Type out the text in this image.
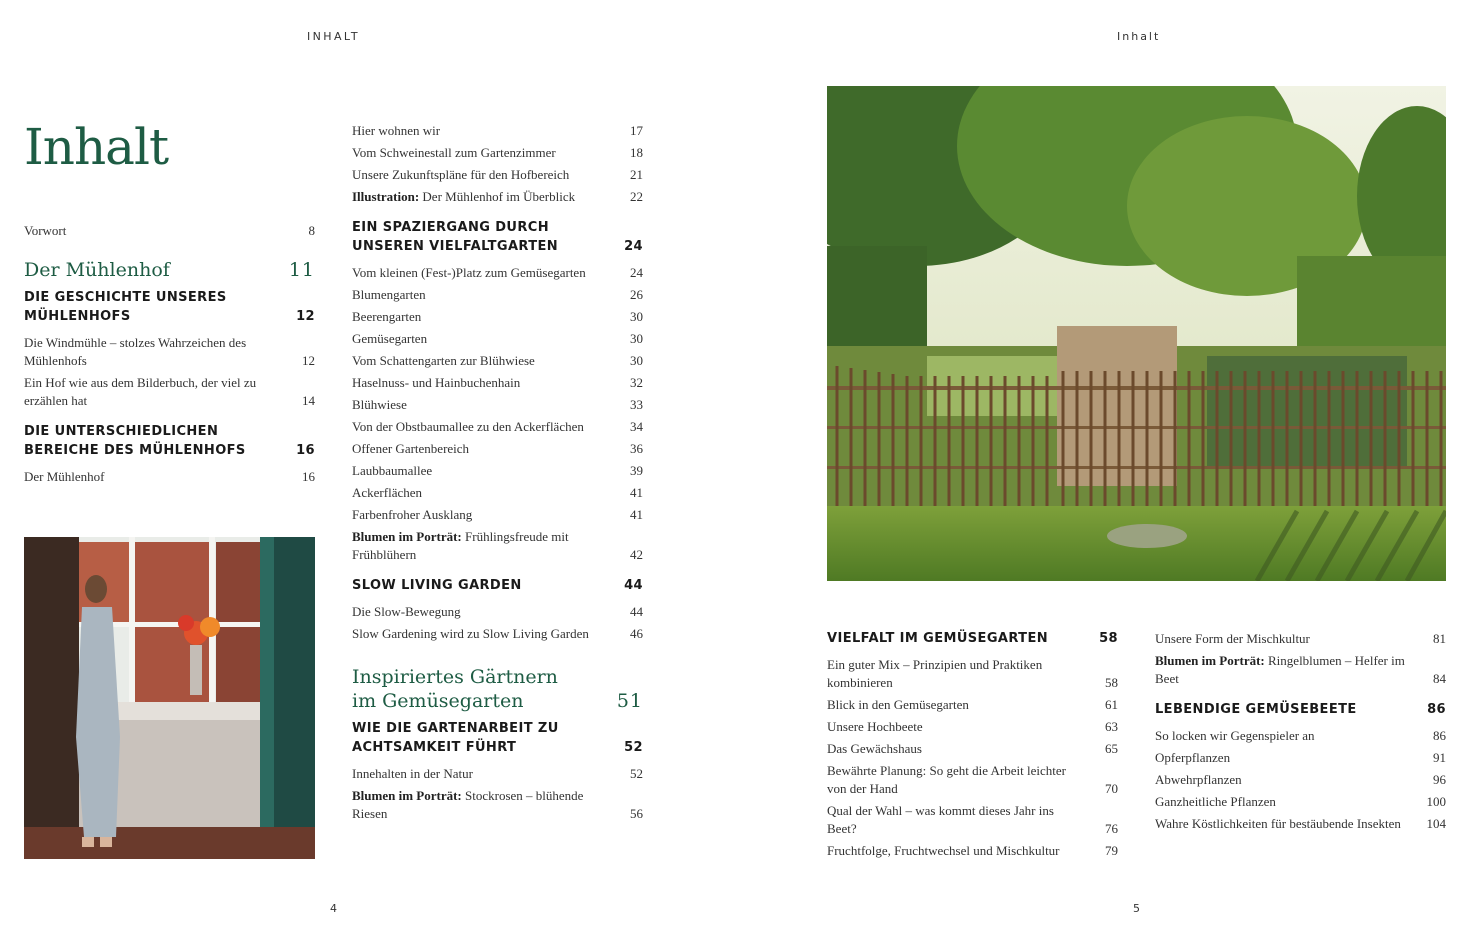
INHALT
Inhalt
Vorwort	8
Der Mühlenhof	11
DIE GESCHICHTE UNSERES MÜHLENHOFS	12
Die Windmühle – stolzes Wahrzeichen des Mühlenhofs	12
Ein Hof wie aus dem Bilderbuch, der viel zu erzählen hat	14
DIE UNTERSCHIEDLICHEN BEREICHE DES MÜHLENHOFS	16
Der Mühlenhof	16
Hier wohnen wir	17
Vom Schweinestall zum Gartenzimmer	18
Unsere Zukunftspläne für den Hofbereich	21
Illustration: Der Mühlenhof im Überblick	22
EIN SPAZIERGANG DURCH UNSEREN VIELFALTGARTEN	24
Vom kleinen (Fest-)Platz zum Gemüsegarten	24
Blumengarten	26
Beerengarten	30
Gemüsegarten	30
Vom Schattengarten zur Blühwiese	30
Haselnuss- und Hainbuchenhain	32
Blühwiese	33
Von der Obstbaumallee zu den Ackerflächen	34
Offener Gartenbereich	36
Laubbaumallee	39
Ackerflächen	41
Farbenfroher Ausklang	41
Blumen im Porträt: Frühlingsfreude mit Frühblühern	42
SLOW LIVING GARDEN	44
Die Slow-Bewegung	44
Slow Gardening wird zu Slow Living Garden	46
Inspiriertes Gärtnern im Gemüsegarten	51
WIE DIE GARTENARBEIT ZU ACHTSAMKEIT FÜHRT	52
Innehalten in der Natur	52
Blumen im Porträt: Stockrosen – blühende Riesen	56
4
Inhalt
VIELFALT IM GEMÜSEGARTEN	58
Ein guter Mix – Prinzipien und Praktiken kombinieren	58
Blick in den Gemüsegarten	61
Unsere Hochbeete	63
Das Gewächshaus	65
Bewährte Planung: So geht die Arbeit leichter von der Hand	70
Qual der Wahl – was kommt dieses Jahr ins Beet?	76
Fruchtfolge, Fruchtwechsel und Mischkultur	79
Unsere Form der Mischkultur	81
Blumen im Porträt: Ringelblumen – Helfer im Beet	84
LEBENDIGE GEMÜSEBEETE	86
So locken wir Gegenspieler an	86
Opferpflanzen	91
Abwehrpflanzen	96
Ganzheitliche Pflanzen	100
Wahre Köstlichkeiten für bestäubende Insekten	104
5
